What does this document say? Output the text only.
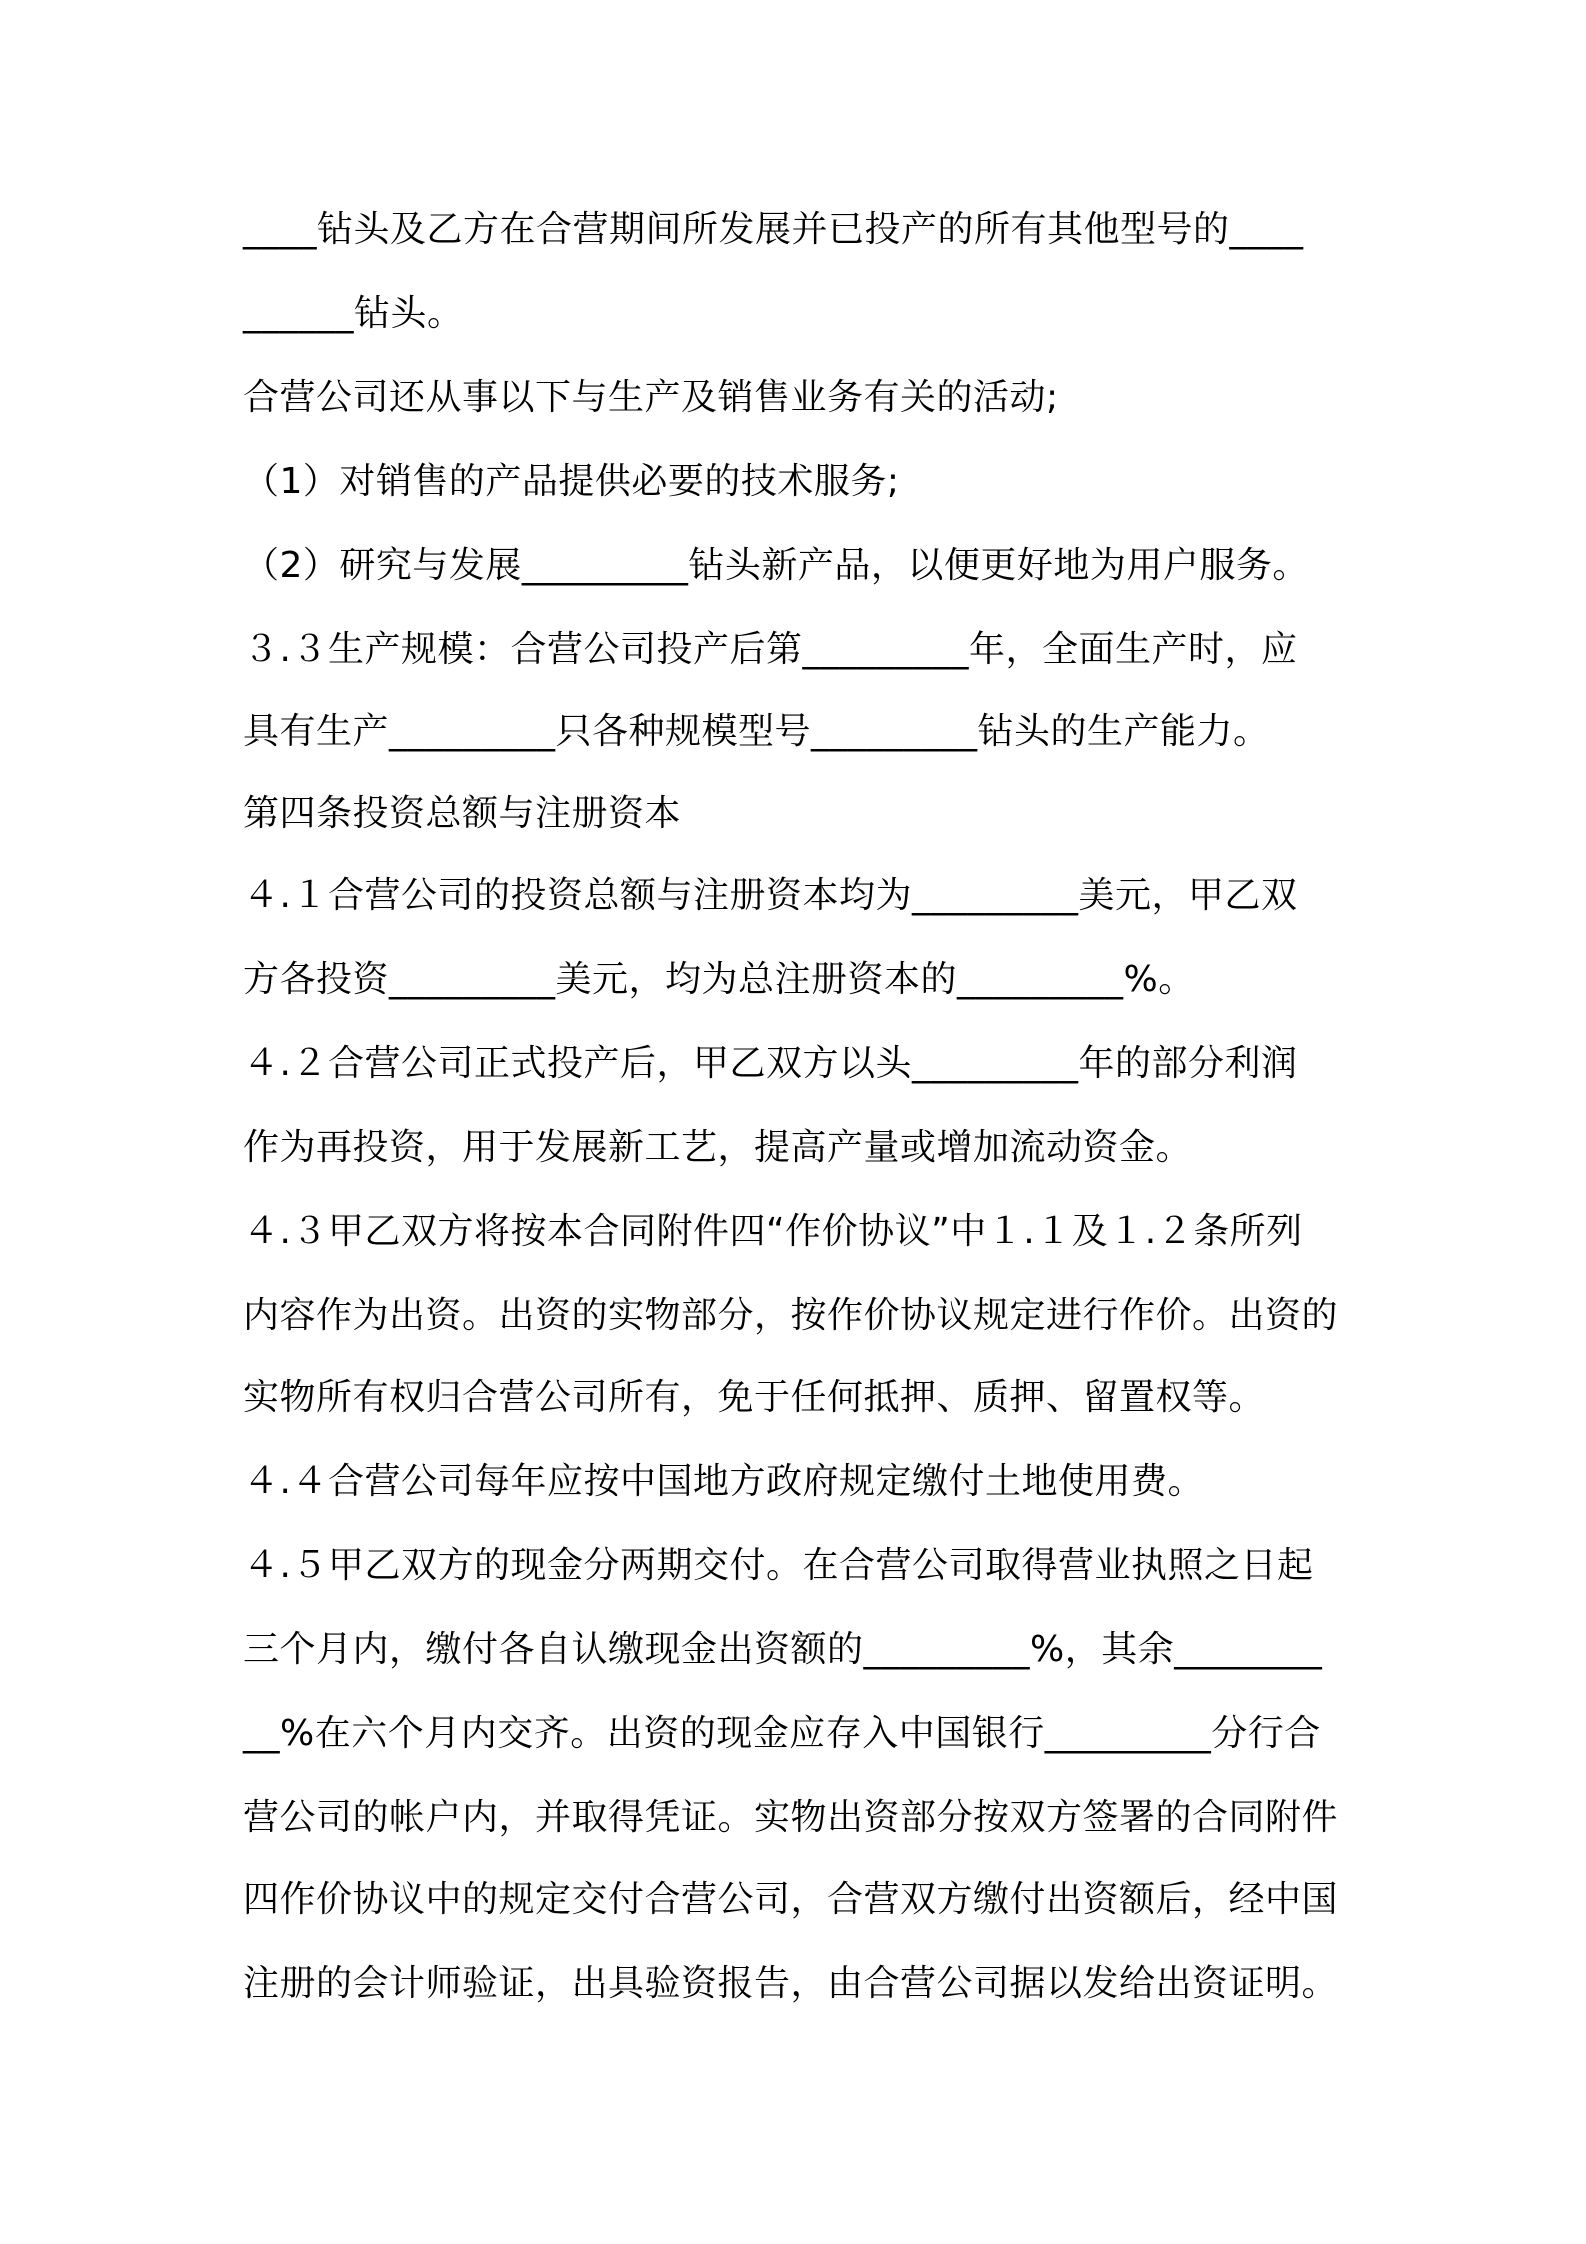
____钻头及乙方在合营期间所发展并已投产的所有其他型号的____
______钻头。
合营公司还从事以下与生产及销售业务有关的活动;
（1）对销售的产品提供必要的技术服务;
（2）研究与发展_________钻头新产品，以便更好地为用户服务。
３.３生产规模：合营公司投产后第_________年，全面生产时，应
具有生产_________只各种规模型号_________钻头的生产能力。
第四条投资总额与注册资本
４.１合营公司的投资总额与注册资本均为_________美元，甲乙双
方各投资_________美元，均为总注册资本的_________%。
４.２合营公司正式投产后，甲乙双方以头_________年的部分利润
作为再投资，用于发展新工艺，提高产量或增加流动资金。
４.３甲乙双方将按本合同附件四“作价协议”中１.１及１.２条所列
内容作为出资。出资的实物部分，按作价协议规定进行作价。出资的
实物所有权归合营公司所有，免于任何抵押、质押、留置权等。
４.４合营公司每年应按中国地方政府规定缴付土地使用费。
４.５甲乙双方的现金分两期交付。在合营公司取得营业执照之日起
三个月内，缴付各自认缴现金出资额的_________%，其余________
__%在六个月内交齐。出资的现金应存入中国银行_________分行合
营公司的帐户内，并取得凭证。实物出资部分按双方签署的合同附件
四作价协议中的规定交付合营公司，合营双方缴付出资额后，经中国
注册的会计师验证，出具验资报告，由合营公司据以发给出资证明。
